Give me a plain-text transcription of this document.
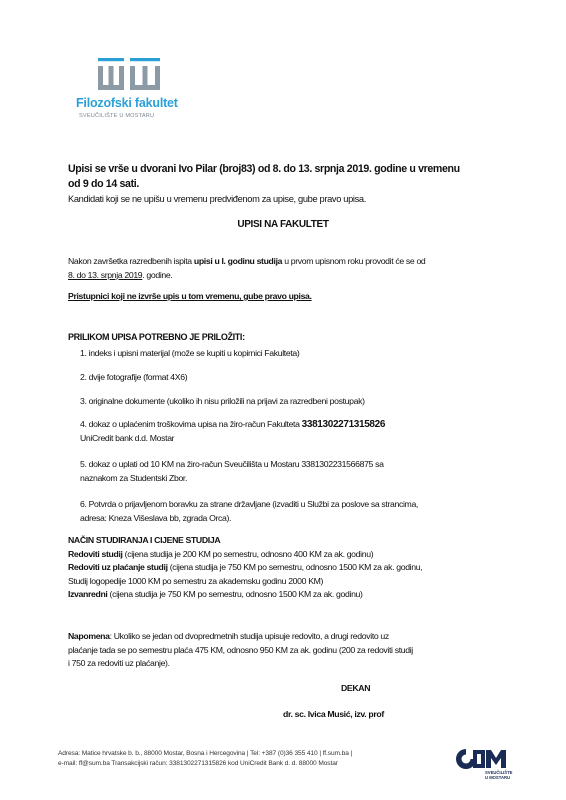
Filozofski fakultet
SVEUČILIŠTE U MOSTARU

Upisi se vrše u dvorani Ivo Pilar (broj83) od 8. do 13. srpnja 2019. godine u vremenu

od 9 do 14 sati.

Kandidati koji se ne upišu u vremenu predviđenom za upise, gube pravo upisa.
UPISI NA FAKULTET

Nakon završetka razredbenih ispita upisi u I. godinu studija u prvom upisnom roku provodit će se od

8. do 13. srpnja 2019. godine.

Pristupnici koji ne izvrše upis u tom vremenu, gube pravo upisa.
PRILIKOM UPISA POTREBNO JE PRILOŽITI:

1. indeks i upisni materijal (može se kupiti u kopirnici Fakulteta)

2. dvije fotografije (format 4X6)

3. originalne dokumente (ukoliko ih nisu priložili na prijavi za razredbeni postupak)

4. dokaz o uplaćenim troškovima upisa na žiro-račun Fakulteta 3381302271315826

UniCredit bank d.d. Mostar

5. dokaz o uplati od 10 KM na žiro-račun Sveučilišta u Mostaru 3381302231566875 sa

naznakom za Studentski Zbor.

6. Potvrda o prijavljenom boravku za strane državljane (izvaditi u Službi za poslove sa strancima,

adresa: Kneza Višeslava bb, zgrada Orca).

NAČIN STUDIRANJA I CIJENE STUDIJA

Redoviti studij (cijena studija je 200 KM po semestru, odnosno 400 KM za ak. godinu)

Redoviti uz plaćanje studij (cijena studija je 750 KM po semestru, odnosno 1500 KM za ak. godinu,

Studij logopedije 1000 KM po semestru za akademsku godinu 2000 KM)

Izvanredni (cijena studija je 750 KM po semestru, odnosno 1500 KM za ak. godinu)

Napomena: Ukoliko se jedan od dvopredmetnih studija upisuje redovito, a drugi redovito uz

plaćanje tada se po semestru plaća 475 KM, odnosno 950 KM za ak. godinu (200 za redoviti studij

i 750 za redoviti uz plaćanje).

DEKAN
dr. sc. Ivica Musić, izv. prof

Adresa: Matice hrvatske b. b., 88000 Mostar, Bosna i Hercegovina | Tel: +387 (0)36 355 410 | ff.sum.ba |

e-mail: ff@sum.ba Transakcijski račun: 3381302271315826 kod UniCredit Bank d. d. 88000 Mostar

SVEUČILIŠTE
U MOSTARU
